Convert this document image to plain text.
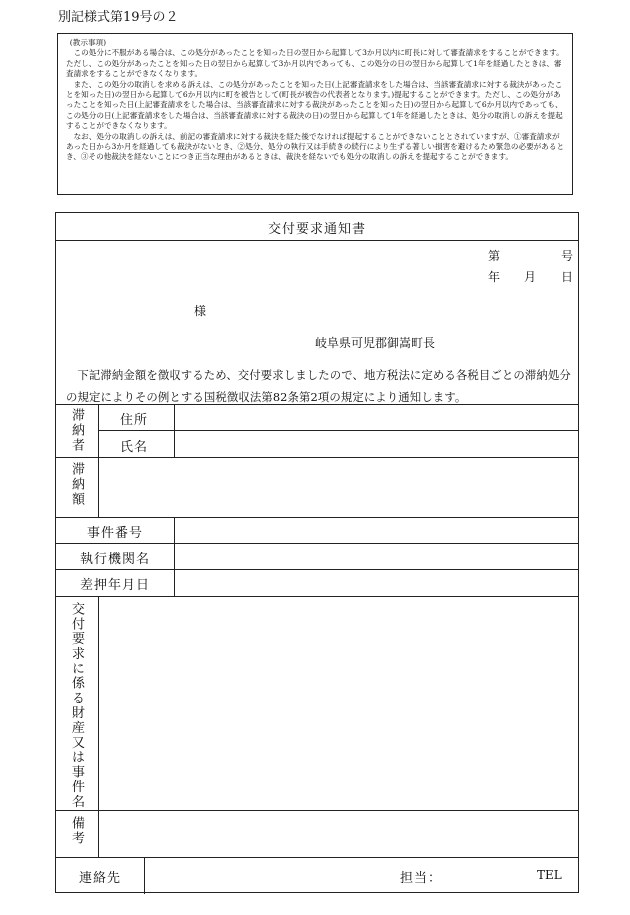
別記様式第19号の２

(教示事項)

この処分に不服がある場合は、この処分があったことを知った日の翌日から起算して3か月以内に町長に対して審査請求をすることができます。ただし、この処分があったことを知った日の翌日から起算して3か月以内であっても、この処分の日の翌日から起算して1年を経過したときは、審査請求をすることができなくなります。

また、この処分の取消しを求める訴えは、この処分があったことを知った日(上記審査請求をした場合は、当該審査請求に対する裁決があったことを知った日)の翌日から起算して6か月以内に町を被告として(町長が被告の代表者となります。)提起することができます。ただし、この処分があったことを知った日(上記審査請求をした場合は、当該審査請求に対する裁決があったことを知った日)の翌日から起算して6か月以内であっても、この処分の日(上記審査請求をした場合は、当該審査請求に対する裁決の日)の翌日から起算して1年を経過したときは、処分の取消しの訴えを提起することができなくなります。

なお、処分の取消しの訴えは、前記の審査請求に対する裁決を経た後でなければ提起することができないこととされていますが、①審査請求があった日から3か月を経過しても裁決がないとき、②処分、処分の執行又は手続きの続行により生ずる著しい損害を避けるため緊急の必要があるとき、③その他裁決を経ないことにつき正当な理由があるときは、裁決を経ないでも処分の取消しの訴えを提起することができます。

交付要求通知書
第	号
年 月 日
様
岐阜県可児郡御嵩町長
下記滞納金額を徴収するため、交付要求しましたので、地方税法に定める各税目ごとの滞納処分の規定によりその例とする国税徴収法第82条第2項の規定により通知します。
滞納者	住所
氏名
滞納額
事件番号
執行機関名
差押年月日
交付要求に係る財産又は事件名
備考
連絡先	担当：	TEL
